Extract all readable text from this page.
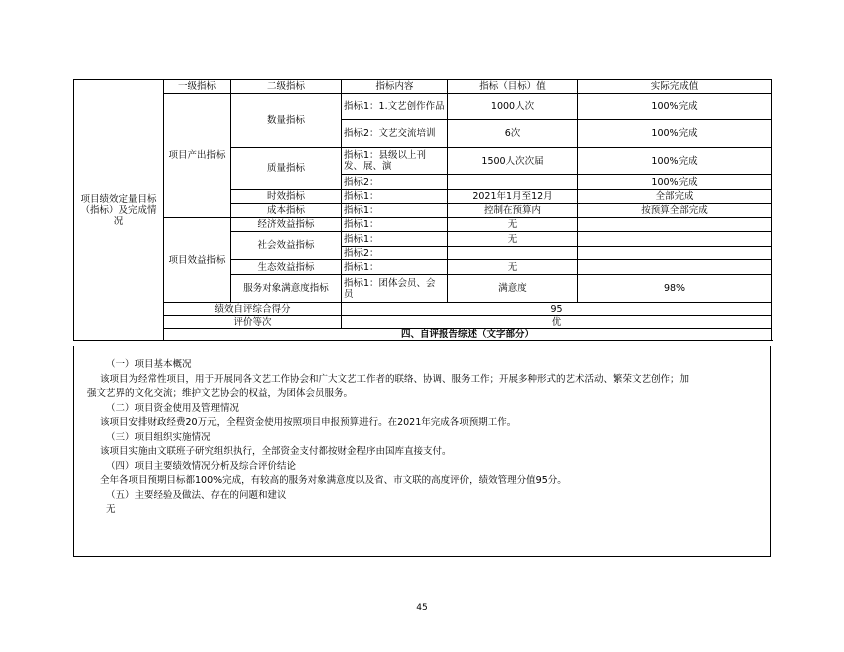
项目绩效定量目标（指标）及完成情况	一级指标	二级指标	指标内容	指标（目标）值	实际完成值
	项目产出指标	数量指标	指标1：1.文艺创作作品	1000人次	100%完成
			指标2：文艺交流培训	6次	100%完成
		质量指标	指标1：县级以上刊发、展、演	1500人次次届	100%完成
			指标2：		100%完成
		时效指标	指标1：	2021年1月至12月	全部完成
		成本指标	指标1：	控制在预算内	按预算全部完成
	项目效益指标	经济效益指标	指标1：	无	
		社会效益指标	指标1：	无	
			指标2：		
		生态效益指标	指标1：	无	
		服务对象满意度指标	指标1：团体会员、会员	满意度	98%
	绩效自评综合得分		95		
	评价等次		优		
	四、自评报告综述（文字部分）				

（一）项目基本概况

该项目为经常性项目，用于开展同各文艺工作协会和广大文艺工作者的联络、协调、服务工作；开展多种形式的艺术活动、繁荣文艺创作；加
强文艺界的文化交流；维护文艺协会的权益，为团体会员服务。

（二）项目资金使用及管理情况

该项目安排财政经费20万元，全程资金使用按照项目申报预算进行。在2021年完成各项预期工作。

（三）项目组织实施情况

该项目实施由文联班子研究组织执行，全部资金支付都按财金程序由国库直接支付。

（四）项目主要绩效情况分析及综合评价结论

全年各项目预期目标都100%完成，有较高的服务对象满意度以及省、市文联的高度评价，绩效管理分值95分。

（五）主要经验及做法、存在的问题和建议

无

45
